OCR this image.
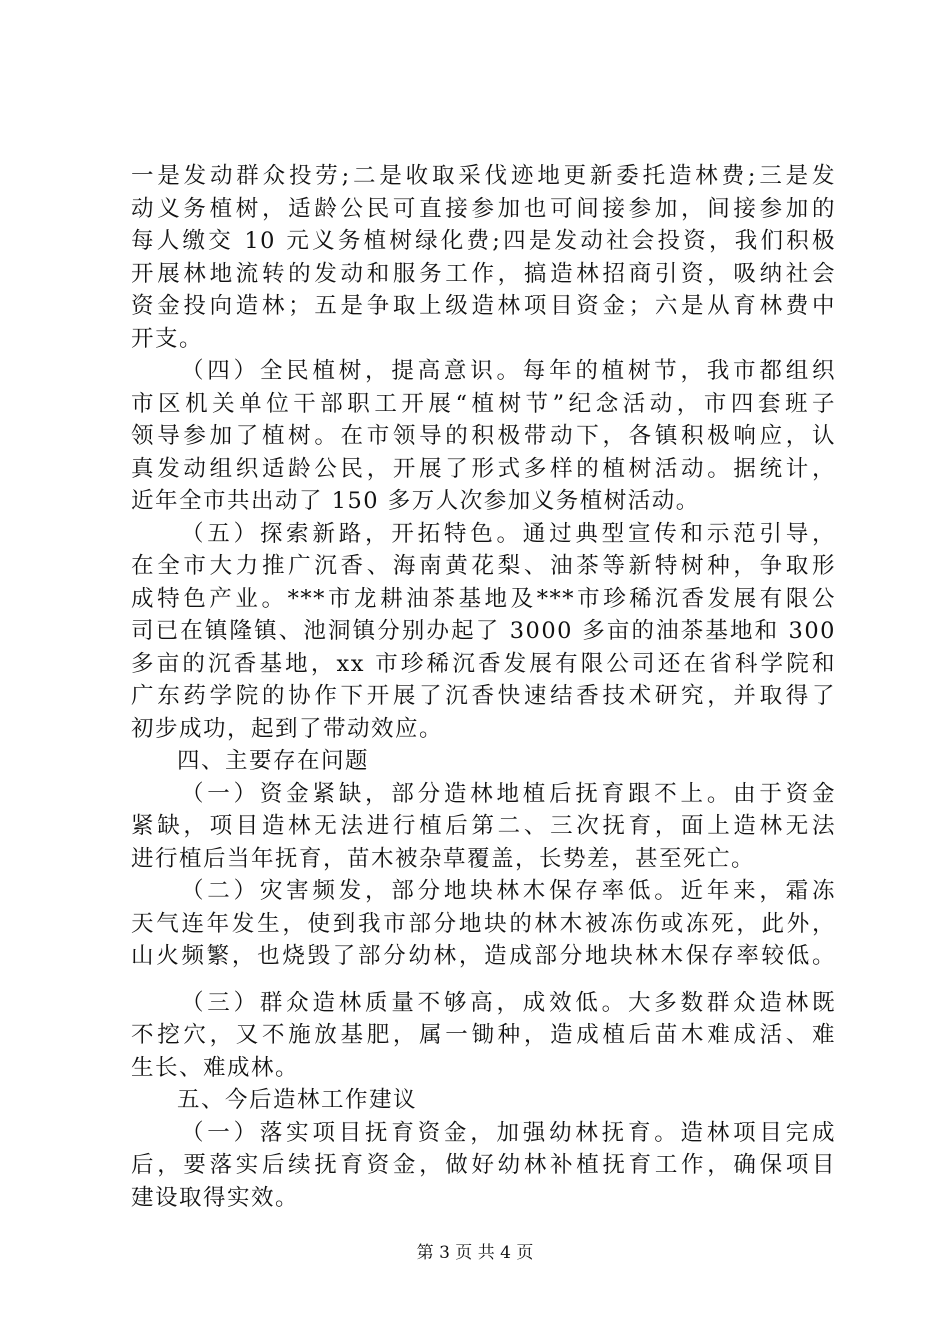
一是发动群众投劳;二是收取采伐迹地更新委托造林费;三是发
动义务植树，适龄公民可直接参加也可间接参加，间接参加的
每人缴交 10 元义务植树绿化费;四是发动社会投资，我们积极
开展林地流转的发动和服务工作，搞造林招商引资，吸纳社会
资金投向造林；五是争取上级造林项目资金；六是从育林费中
开支。
（四）全民植树，提高意识。每年的植树节，我市都组织
市区机关单位干部职工开展“植树节”纪念活动，市四套班子
领导参加了植树。在市领导的积极带动下，各镇积极响应，认
真发动组织适龄公民，开展了形式多样的植树活动。据统计，
近年全市共出动了 150 多万人次参加义务植树活动。
（五）探索新路，开拓特色。通过典型宣传和示范引导，
在全市大力推广沉香、海南黄花梨、油茶等新特树种，争取形
成特色产业。***市龙耕油茶基地及***市珍稀沉香发展有限公
司已在镇隆镇、池洞镇分别办起了 3000 多亩的油茶基地和 300
多亩的沉香基地，xx 市珍稀沉香发展有限公司还在省科学院和
广东药学院的协作下开展了沉香快速结香技术研究，并取得了
初步成功，起到了带动效应。
四、主要存在问题
（一）资金紧缺，部分造林地植后抚育跟不上。由于资金
紧缺，项目造林无法进行植后第二、三次抚育，面上造林无法
进行植后当年抚育，苗木被杂草覆盖，长势差，甚至死亡。
（二）灾害频发，部分地块林木保存率低。近年来，霜冻
天气连年发生，使到我市部分地块的林木被冻伤或冻死，此外，
山火频繁，也烧毁了部分幼林，造成部分地块林木保存率较低。
（三）群众造林质量不够高，成效低。大多数群众造林既
不挖穴，又不施放基肥，属一锄种，造成植后苗木难成活、难
生长、难成林。
五、今后造林工作建议
（一）落实项目抚育资金，加强幼林抚育。造林项目完成
后，要落实后续抚育资金，做好幼林补植抚育工作，确保项目
建设取得实效。
第 3 页 共 4 页
